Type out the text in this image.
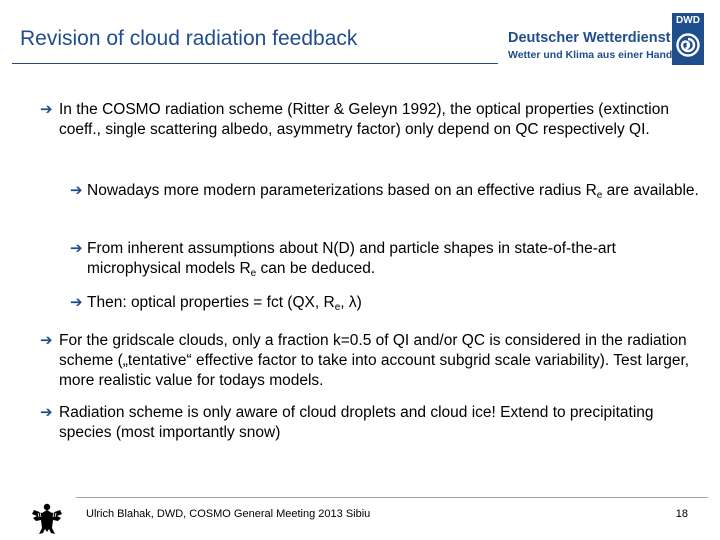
Revision of cloud radiation feedback	Deutscher Wetterdienst
Wetter und Klima aus einer Hand
DWD
➔ In the COSMO radiation scheme (Ritter & Geleyn 1992), the optical properties (extinction coeff., single scattering albedo, asymmetry factor) only depend on QC respectively QI.
➔ Nowadays more modern parameterizations based on an effective radius $R_e$ are available.
➔ From inherent assumptions about N(D) and particle shapes in state-of-the-art microphysical models $R_e$ can be deduced.
➔ Then: optical properties = fct (QX, $R_e$, λ)
➔ For the gridscale clouds, only a fraction k=0.5 of QI and/or QC is considered in the radiation scheme („tentative“ effective factor to take into account subgrid scale variability). Test larger, more realistic value for todays models.
➔ Radiation scheme is only aware of cloud droplets and cloud ice! Extend to precipitating species (most importantly snow)
Ulrich Blahak, DWD, COSMO General Meeting 2013 Sibiu	18
